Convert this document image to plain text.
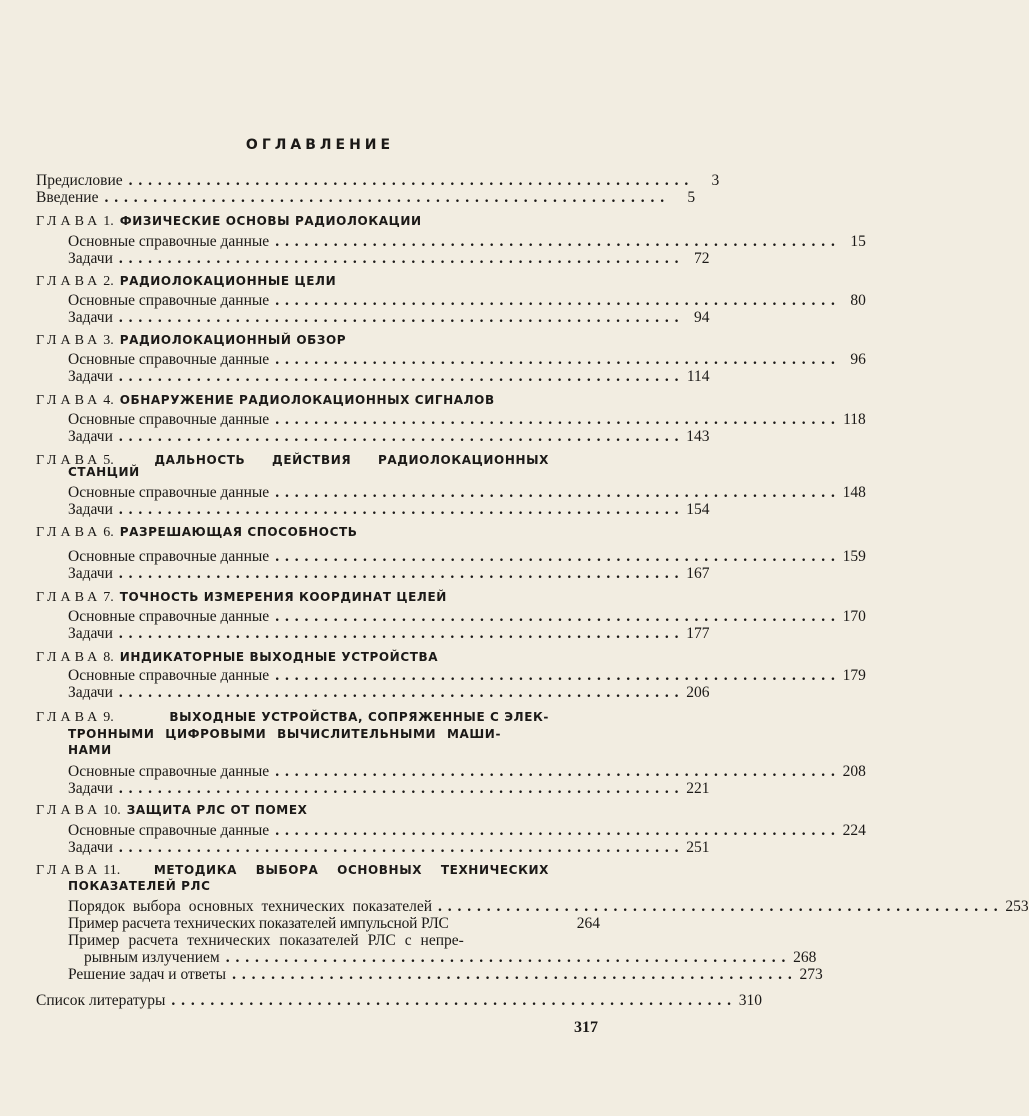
ОГЛАВЛЕНИЕ
Предисловие . . . . . . . . . . . . . . . . . . . . . . . . . . . . . . . . . . . . . . . . . . . . . . . . . . . . . . . . . .	3
Введение . . . . . . . . . . . . . . . . . . . . . . . . . . . . . . . . . . . . . . . . . . . . . . . . . . . . . . . . . .	5
ГЛАВА 1. ФИЗИЧЕСКИЕ ОСНОВЫ РАДИОЛОКАЦИИ
Основные справочные данные . . . . . . . . . . . . . . . . . . . . . . . . . . . . . . . . . . . . . . . . . . . . . . . . . . . . . . . . . . 15
Задачи . . . . . . . . . . . . . . . . . . . . . . . . . . . . . . . . . . . . . . . . . . . . . . . . . . . . . . . . . . 72
ГЛАВА 2. РАДИОЛОКАЦИОННЫЕ ЦЕЛИ
Основные справочные данные . . . . . . . . . . . . . . . . . . . . . . . . . . . . . . . . . . . . . . . . . . . . . . . . . . . . . . . . . . 80
Задачи . . . . . . . . . . . . . . . . . . . . . . . . . . . . . . . . . . . . . . . . . . . . . . . . . . . . . . . . . . 94
ГЛАВА 3. РАДИОЛОКАЦИОННЫЙ ОБЗОР
Основные справочные данные . . . . . . . . . . . . . . . . . . . . . . . . . . . . . . . . . . . . . . . . . . . . . . . . . . . . . . . . . . 96
Задачи . . . . . . . . . . . . . . . . . . . . . . . . . . . . . . . . . . . . . . . . . . . . . . . . . . . . . . . . . . 114
ГЛАВА 4. ОБНАРУЖЕНИЕ РАДИОЛОКАЦИОННЫХ СИГНАЛОВ
Основные справочные данные . . . . . . . . . . . . . . . . . . . . . . . . . . . . . . . . . . . . . . . . . . . . . . . . . . . . . . . . . . 118
Задачи . . . . . . . . . . . . . . . . . . . . . . . . . . . . . . . . . . . . . . . . . . . . . . . . . . . . . . . . . . 143
ГЛАВА 5.	ДАЛЬНОСТЬ ДЕЙСТВИЯ РАДИОЛОКАЦИОННЫХ
СТАНЦИЙ
Основные справочные данные . . . . . . . . . . . . . . . . . . . . . . . . . . . . . . . . . . . . . . . . . . . . . . . . . . . . . . . . . . 148
Задачи . . . . . . . . . . . . . . . . . . . . . . . . . . . . . . . . . . . . . . . . . . . . . . . . . . . . . . . . . . 154
ГЛАВА 6. РАЗРЕШАЮЩАЯ СПОСОБНОСТЬ
Основные справочные данные . . . . . . . . . . . . . . . . . . . . . . . . . . . . . . . . . . . . . . . . . . . . . . . . . . . . . . . . . . 159
Задачи . . . . . . . . . . . . . . . . . . . . . . . . . . . . . . . . . . . . . . . . . . . . . . . . . . . . . . . . . . 167
ГЛАВА 7. ТОЧНОСТЬ ИЗМЕРЕНИЯ КООРДИНАТ ЦЕЛЕЙ
Основные справочные данные . . . . . . . . . . . . . . . . . . . . . . . . . . . . . . . . . . . . . . . . . . . . . . . . . . . . . . . . . . 170
Задачи . . . . . . . . . . . . . . . . . . . . . . . . . . . . . . . . . . . . . . . . . . . . . . . . . . . . . . . . . . 177
ГЛАВА 8. ИНДИКАТОРНЫЕ ВЫХОДНЫЕ УСТРОЙСТВА
Основные справочные данные . . . . . . . . . . . . . . . . . . . . . . . . . . . . . . . . . . . . . . . . . . . . . . . . . . . . . . . . . . 179
Задачи . . . . . . . . . . . . . . . . . . . . . . . . . . . . . . . . . . . . . . . . . . . . . . . . . . . . . . . . . . 206
ГЛАВА 9.	ВЫХОДНЫЕ УСТРОЙСТВА, СОПРЯЖЕННЫЕ С ЭЛЕК-
ТРОННЫМИ ЦИФРОВЫМИ ВЫЧИСЛИТЕЛЬНЫМИ МАШИ-
НАМИ
Основные справочные данные . . . . . . . . . . . . . . . . . . . . . . . . . . . . . . . . . . . . . . . . . . . . . . . . . . . . . . . . . . 208
Задачи . . . . . . . . . . . . . . . . . . . . . . . . . . . . . . . . . . . . . . . . . . . . . . . . . . . . . . . . . . 221
ГЛАВА 10. ЗАЩИТА РЛС ОТ ПОМЕХ
Основные справочные данные . . . . . . . . . . . . . . . . . . . . . . . . . . . . . . . . . . . . . . . . . . . . . . . . . . . . . . . . . . 224
Задачи . . . . . . . . . . . . . . . . . . . . . . . . . . . . . . . . . . . . . . . . . . . . . . . . . . . . . . . . . . 251
ГЛАВА 11.	МЕТОДИКА ВЫБОРА ОСНОВНЫХ ТЕХНИЧЕСКИХ
ПОКАЗАТЕЛЕЙ РЛС
Порядок выбора основных технических показателей . . . . . . . . . . . . . . . . . . . . . . . . . . . . . . . . . . . . . . . . . . . . . . . . . . . . . . . . . . 253
Пример расчета технических показателей импульсной РЛС	264
Пример расчета технических показателей РЛС с непре-
рывным излучением . . . . . . . . . . . . . . . . . . . . . . . . . . . . . . . . . . . . . . . . . . . . . . . . . . . . . . . . . . 268
Решение задач и ответы . . . . . . . . . . . . . . . . . . . . . . . . . . . . . . . . . . . . . . . . . . . . . . . . . . . . . . . . . . 273
Список литературы . . . . . . . . . . . . . . . . . . . . . . . . . . . . . . . . . . . . . . . . . . . . . . . . . . . . . . . . . . 310
317
